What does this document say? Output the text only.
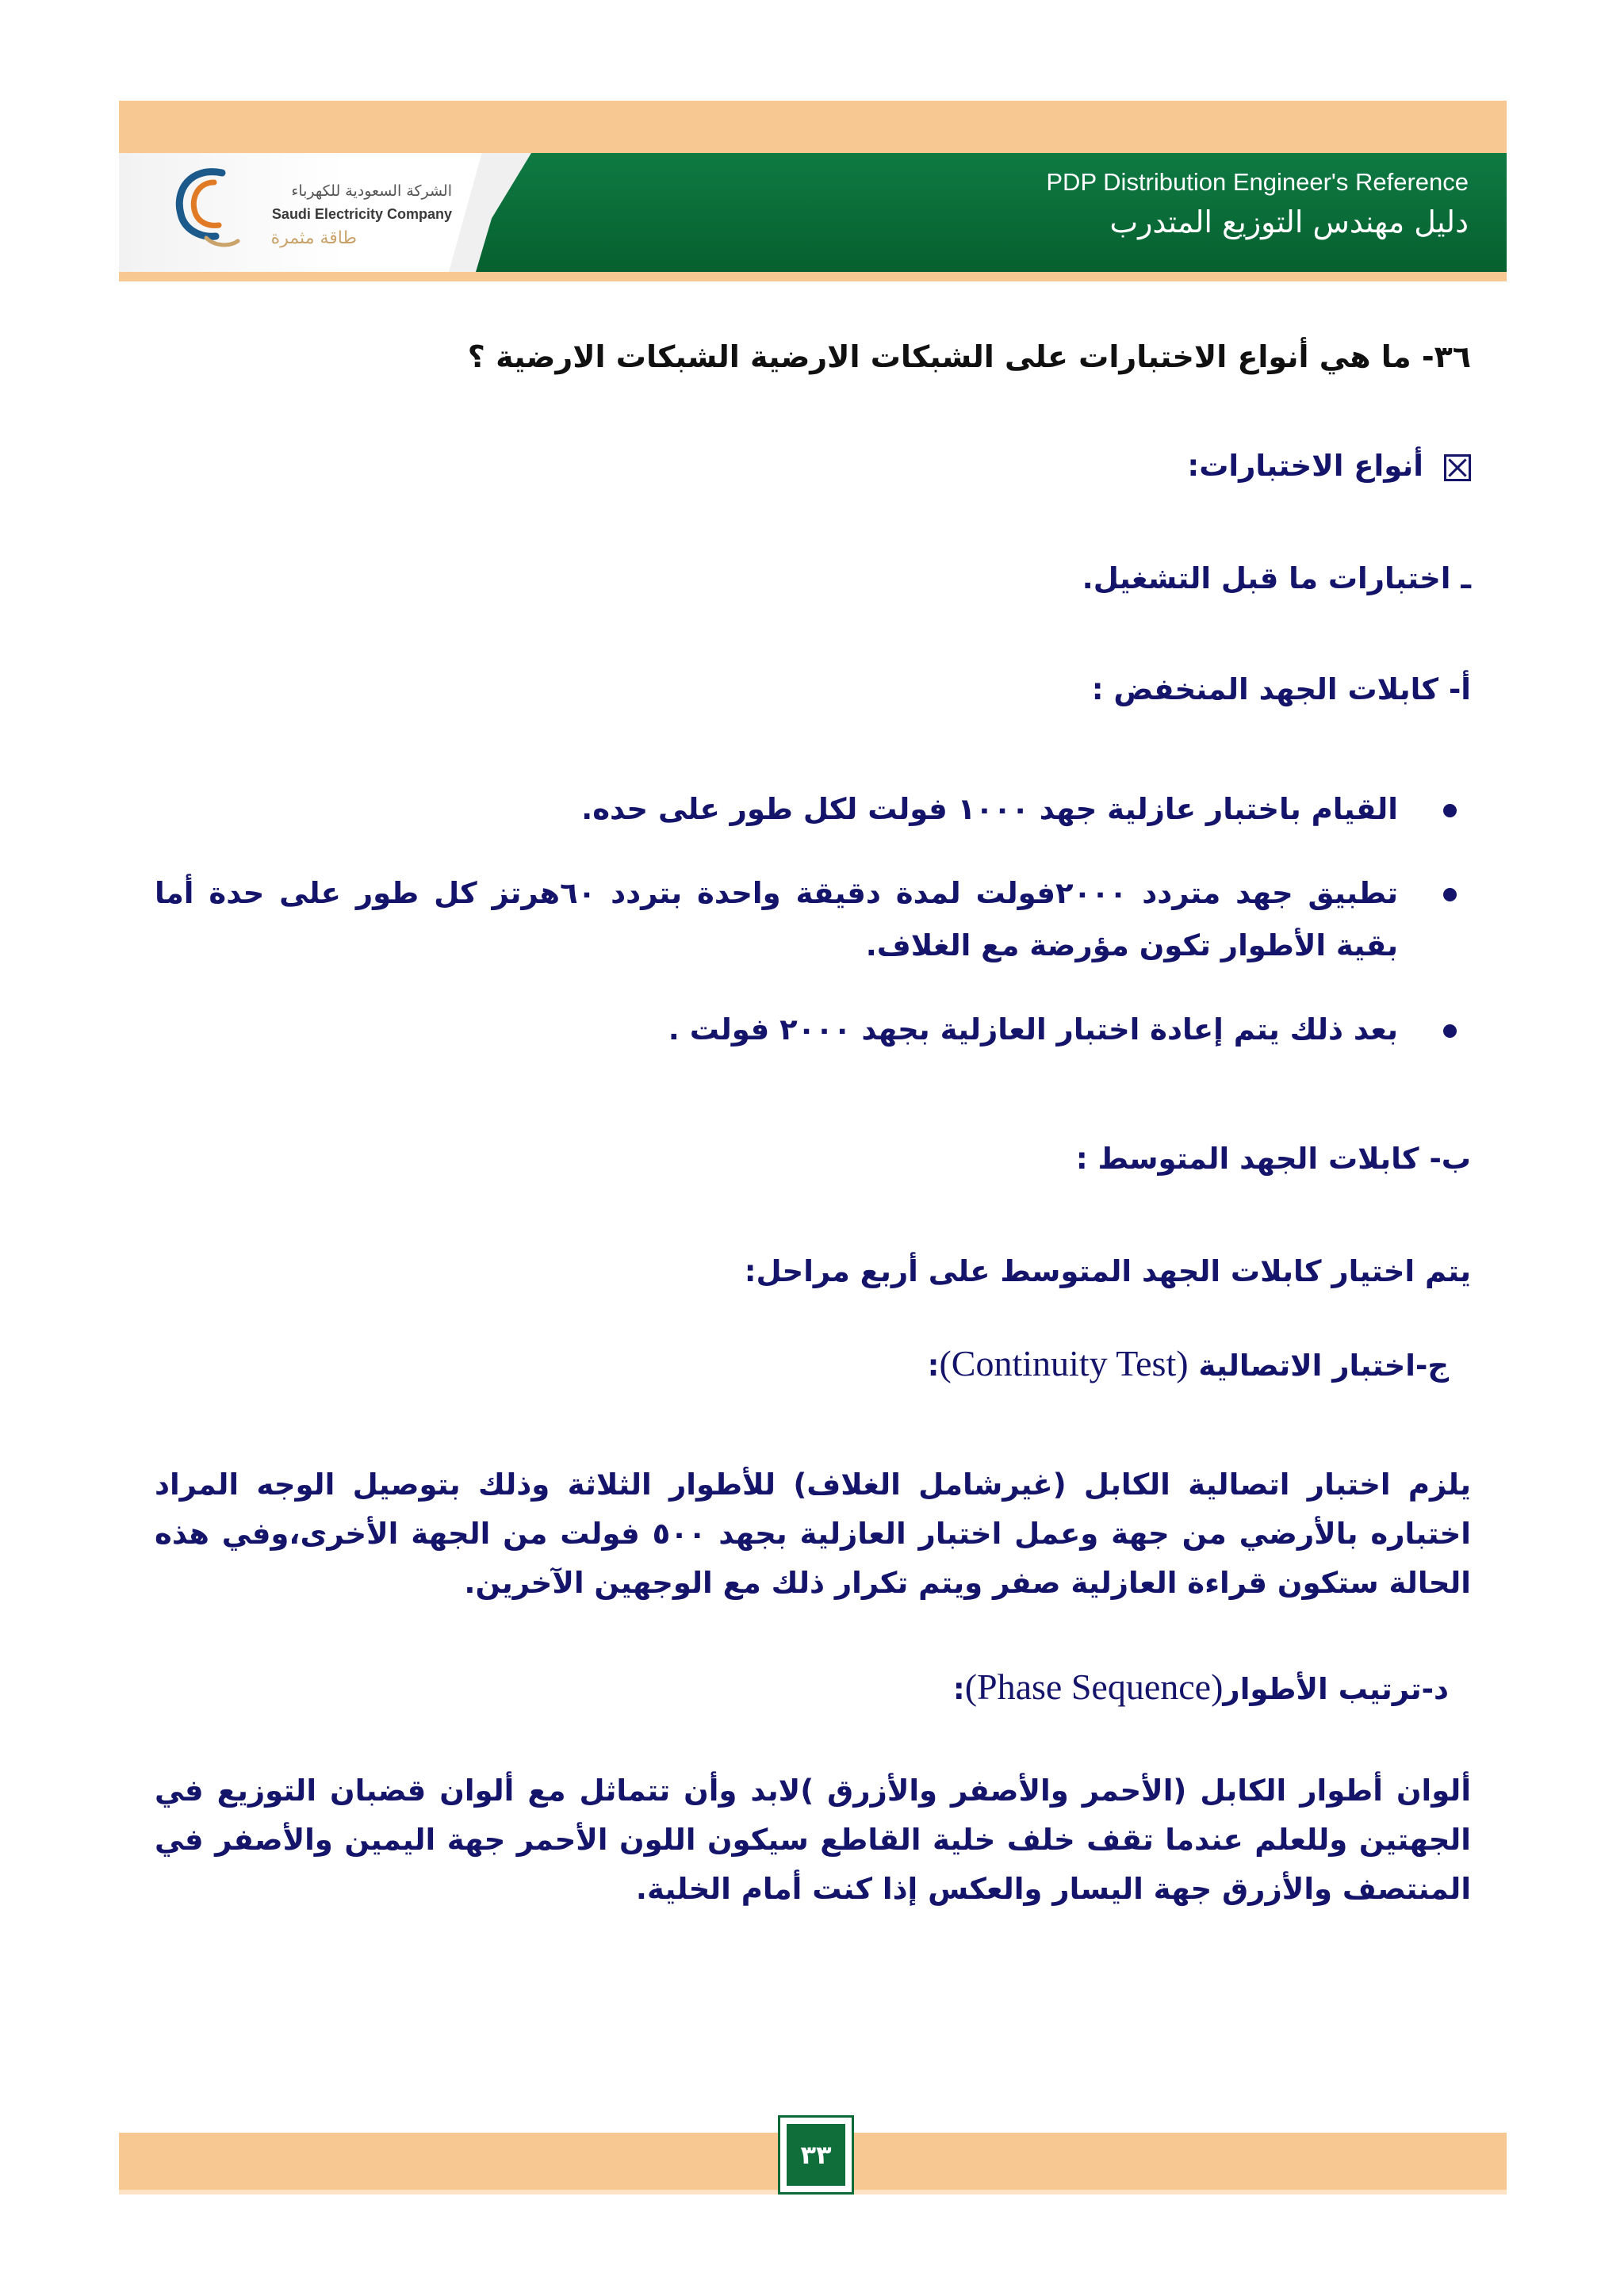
الشركة السعودية للكهرباء
Saudi Electricity Company
طاقة مثمرة
PDP Distribution Engineer's Reference
دليل مهندس التوزيع المتدرب
٣٦- ما هي أنواع الاختبارات على الشبكات الارضية الشبكات الارضية ؟
أنواع الاختبارات:
ـ اختبارات ما قبل التشغيل.
أ- كابلات الجهد المنخفض :
القيام باختبار عازلية جهد ١٠٠٠ فولت لكل طور على حده.
تطبيق جهد متردد ٢٠٠٠فولت لمدة دقيقة واحدة بتردد ٦٠هرتز كل طور على حدة أما بقية الأطوار تكون مؤرضة مع الغلاف.
بعد ذلك يتم إعادة اختبار العازلية بجهد ٢٠٠٠ فولت .
ب- كابلات الجهد المتوسط :
يتم اختيار كابلات الجهد المتوسط على أربع مراحل:
ج-اختبار الاتصالية (Continuity Test):
يلزم اختبار اتصالية الكابل (غيرشامل الغلاف) للأطوار الثلاثة وذلك بتوصيل الوجه المراد اختباره بالأرضي من جهة وعمل اختبار العازلية بجهد ٥٠٠ فولت من الجهة الأخرى،وفي هذه الحالة ستكون قراءة العازلية صفر ويتم تكرار ذلك مع الوجهين الآخرين.
د-ترتيب الأطوار(Phase Sequence):
ألوان أطوار الكابل (الأحمر والأصفر والأزرق )لابد وأن تتماثل مع ألوان قضبان التوزيع في الجهتين وللعلم عندما تقف خلف خلية القاطع سيكون اللون الأحمر جهة اليمين والأصفر في المنتصف والأزرق جهة اليسار والعكس إذا كنت أمام الخلية.
٣٣
